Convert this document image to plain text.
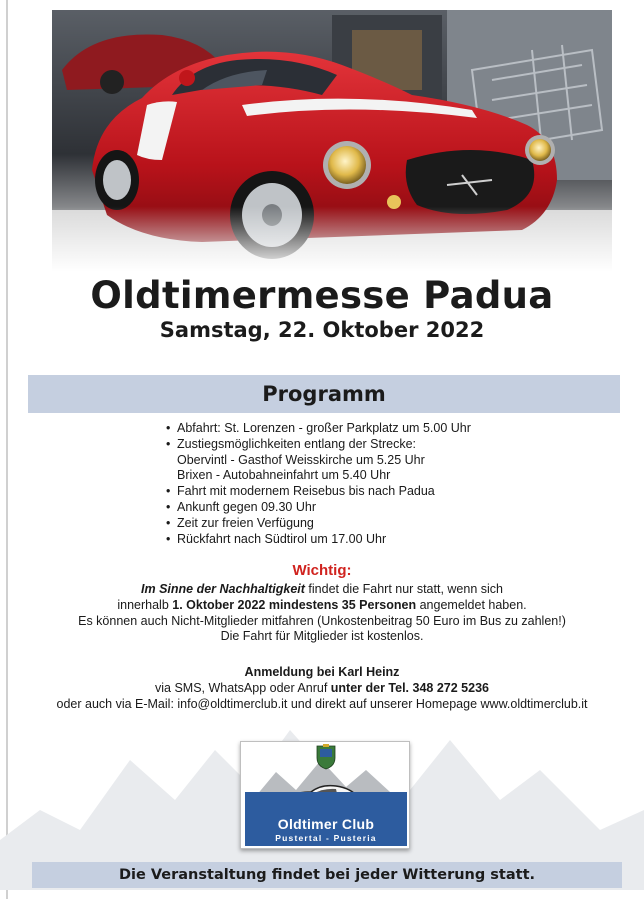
Oldtimermesse Padua
Samstag, 22. Oktober 2022
Programm
• Abfahrt: St. Lorenzen - großer Parkplatz um 5.00 Uhr
• Zustiegsmöglichkeiten entlang der Strecke:
Obervintl - Gasthof Weisskirche um 5.25 Uhr
Brixen - Autobahneinfahrt um 5.40 Uhr
• Fahrt mit modernem Reisebus bis nach Padua
• Ankunft gegen 09.30 Uhr
• Zeit zur freien Verfügung
• Rückfahrt nach Südtirol um 17.00 Uhr
Wichtig:
Im Sinne der Nachhaltigkeit findet die Fahrt nur statt, wenn sich
innerhalb 1. Oktober 2022 mindestens 35 Personen angemeldet haben.
Es können auch Nicht-Mitglieder mitfahren (Unkostenbeitrag 50 Euro im Bus zu zahlen!)
Die Fahrt für Mitglieder ist kostenlos.
Anmeldung bei Karl Heinz
via SMS, WhatsApp oder Anruf unter der Tel. 348 272 5236
oder auch via E-Mail: info@oldtimerclub.it und direkt auf unserer Homepage www.oldtimerclub.it
Oldtimer Club
Pustertal - Pusteria
Die Veranstaltung findet bei jeder Witterung statt.
